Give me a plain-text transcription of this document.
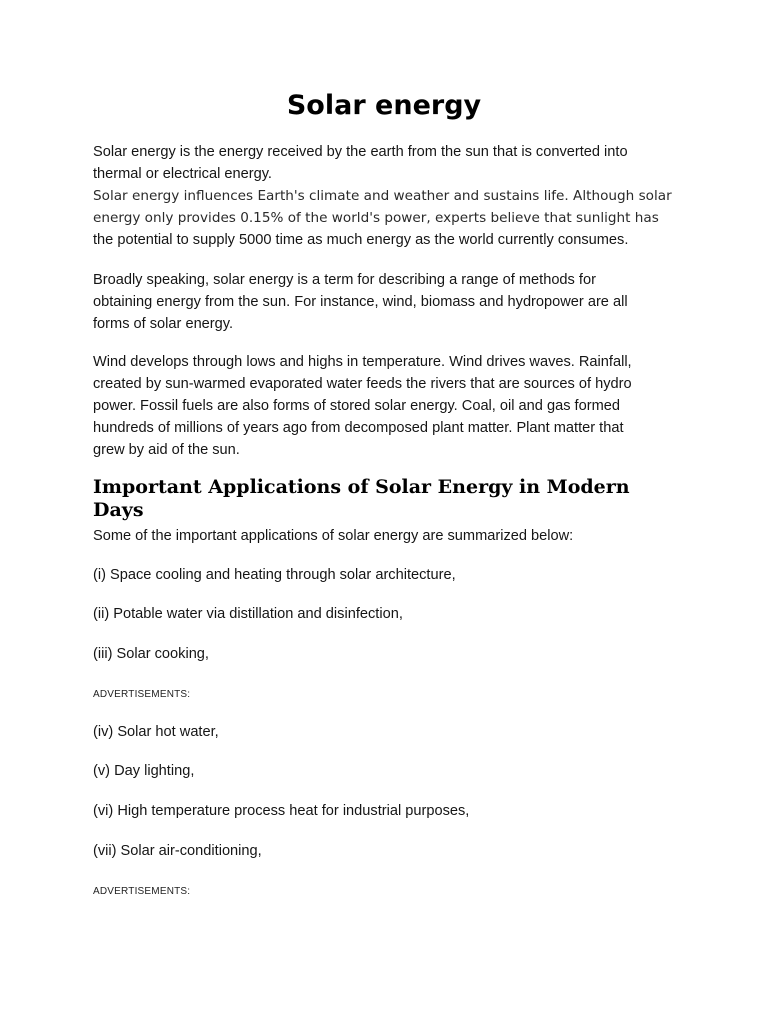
Solar energy

Solar energy is the energy received by the earth from the sun that is converted into
thermal or electrical energy.
Solar energy influences Earth's climate and weather and sustains life. Although solar
energy only provides 0.15% of the world's power, experts believe that sunlight has
the potential to supply 5000 time as much energy as the world currently consumes.

Broadly speaking, solar energy is a term for describing a range of methods for
obtaining energy from the sun. For instance, wind, biomass and hydropower are all
forms of solar energy.

Wind develops through lows and highs in temperature. Wind drives waves. Rainfall,
created by sun-warmed evaporated water feeds the rivers that are sources of hydro
power. Fossil fuels are also forms of stored solar energy. Coal, oil and gas formed
hundreds of millions of years ago from decomposed plant matter. Plant matter that
grew by aid of the sun.

Important Applications of Solar Energy in Modern
Days

Some of the important applications of solar energy are summarized below:

(i) Space cooling and heating through solar architecture,

(ii) Potable water via distillation and disinfection,

(iii) Solar cooking,

ADVERTISEMENTS:

(iv) Solar hot water,

(v) Day lighting,

(vi) High temperature process heat for industrial purposes,

(vii) Solar air-conditioning,

ADVERTISEMENTS:
